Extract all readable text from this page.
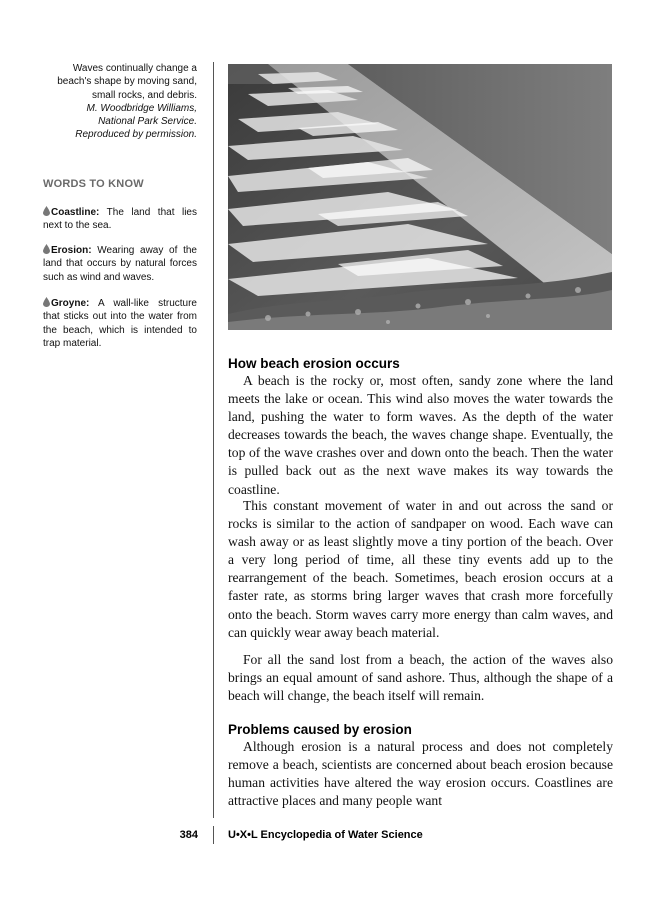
Waves continually change a beach's shape by moving sand, small rocks, and debris.
M. Woodbridge Williams,
National Park Service.
Reproduced by permission.
WORDS TO KNOW
Coastline: The land that lies next to the sea.
Erosion: Wearing away of the land that occurs by natural forces such as wind and waves.
Groyne: A wall-like structure that sticks out into the water from the beach, which is intended to trap material.
How beach erosion occurs

A beach is the rocky or, most often, sandy zone where the land meets the lake or ocean. This wind also moves the water towards the land, pushing the water to form waves. As the depth of the water decreases towards the beach, the waves change shape. Eventually, the top of the wave crashes over and down onto the beach. Then the water is pulled back out as the next wave makes its way towards the coastline.

This constant movement of water in and out across the sand or rocks is similar to the action of sandpaper on wood. Each wave can wash away or as least slightly move a tiny portion of the beach. Over a very long period of time, all these tiny events add up to the rearrangement of the beach. Sometimes, beach erosion occurs at a faster rate, as storms bring larger waves that crash more forcefully onto the beach. Storm waves carry more energy than calm waves, and can quickly wear away beach material.

For all the sand lost from a beach, the action of the waves also brings an equal amount of sand ashore. Thus, although the shape of a beach will change, the beach itself will remain.

Problems caused by erosion

Although erosion is a natural process and does not completely remove a beach, scientists are concerned about beach erosion because human activities have altered the way erosion occurs. Coastlines are attractive places and many people want

384	U•X•L Encyclopedia of Water Science
